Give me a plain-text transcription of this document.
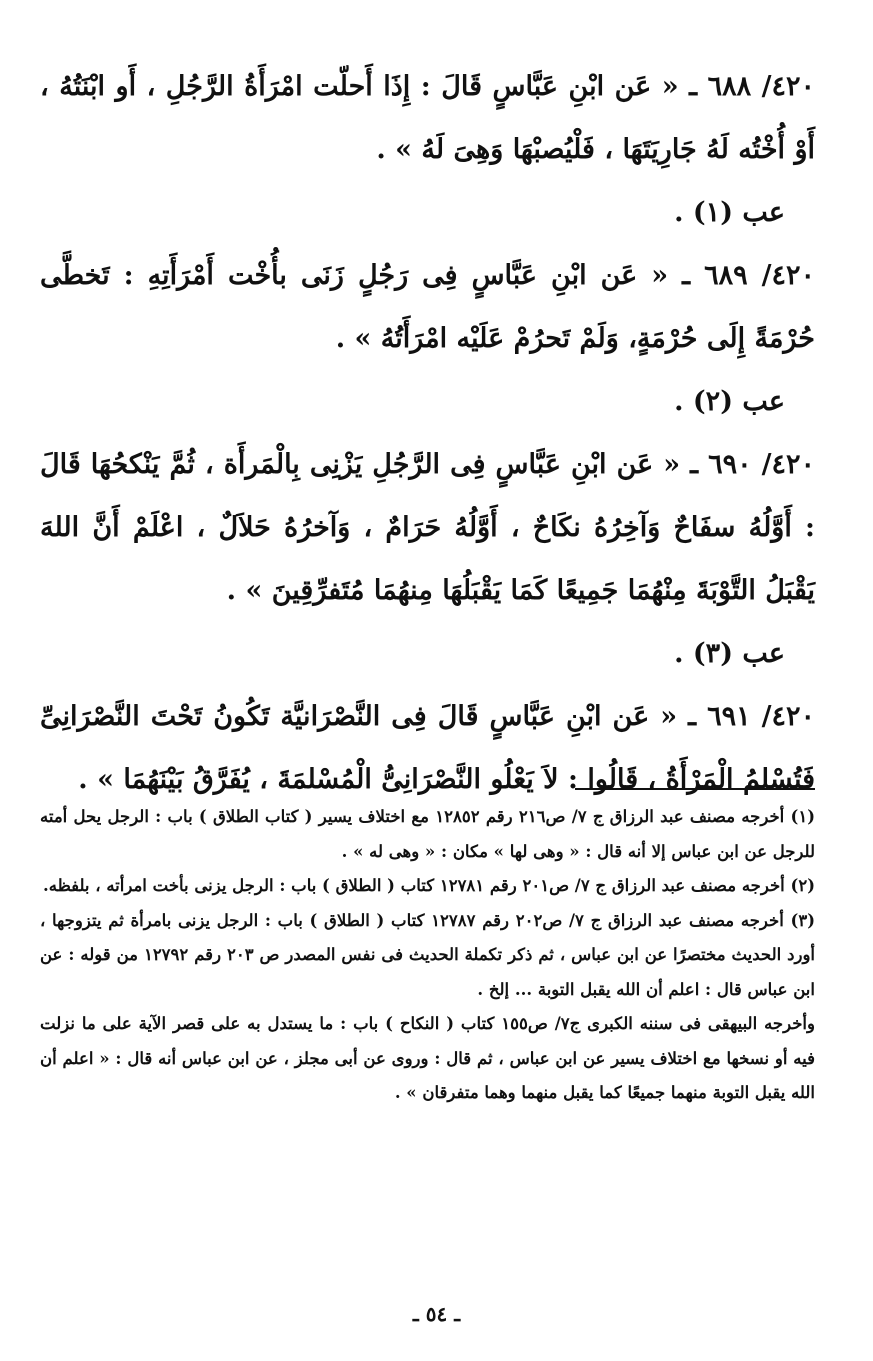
٤٢٠/ ٦٨٨ ـ « عَن ابْنِ عَبَّاسٍ قَالَ : إِذَا أَحلّت امْرَأَةُ الرَّجُلِ ، أَو ابْنَتُهُ ، أَوْ أُخْتُه لَهُ جَارِيَتَهَا ، فَلْيُصبْهَا وَهِىَ لَهُ » .

عب (١) .

٤٢٠/ ٦٨٩ ـ « عَن ابْنِ عَبَّاسٍ فِى رَجُلٍ زَنَى بأُخْت أَمْرَأَتِهِ : تَخطَّى حُرْمَةً إِلَى حُرْمَةٍ، وَلَمْ تَحرُمْ عَلَيْه امْرَأَتُهُ » .

عب (٢) .

٤٢٠/ ٦٩٠ ـ « عَن ابْنِ عَبَّاسٍ فِى الرَّجُلِ يَزْنِى بِالْمَرأَة ، ثُمَّ يَنْكحُهَا قَالَ : أَوَّلُهُ سفَاحٌ وَآخِرُهُ نكَاحٌ ، أَوَّلُهُ حَرَامٌ ، وَآخرُهُ حَلاَلٌ ، اعْلَمْ أَنَّ اللهَ يَقْبَلُ التَّوْبَةَ مِنْهُمَا جَمِيعًا كَمَا يَقْبَلُهَا مِنهُمَا مُتَفرِّقِينَ » .

عب (٣) .

٤٢٠/ ٦٩١ ـ « عَن ابْنِ عَبَّاسٍ قَالَ فِى النَّصْرَانيَّة تَكُونُ تَحْتَ النَّصْرَانِىِّ فَتُسْلمُ الْمَرْأَةُ ، قَالُوا : لاَ يَعْلُو النَّصْرَانِىُّ الْمُسْلمَةَ ، يُفَرَّقُ بَيْنَهُمَا » .

(١) أخرجه مصنف عبد الرزاق ج ٧/ ص٢١٦ رقم ١٢٨٥٢ مع اختلاف يسير ( كتاب الطلاق ) باب : الرجل يحل أمته للرجل عن ابن عباس إلا أنه قال : « وهى لها » مكان : « وهى له » .

(٢) أخرجه مصنف عبد الرزاق ج ٧/ ص٢٠١ رقم ١٢٧٨١ كتاب ( الطلاق ) باب : الرجل يزنى بأخت امرأته ، بلفظه.

(٣) أخرجه مصنف عبد الرزاق ج ٧/ ص٢٠٢ رقم ١٢٧٨٧ كتاب ( الطلاق ) باب : الرجل يزنى بامرأة ثم يتزوجها ، أورد الحديث مختصرًا عن ابن عباس ، ثم ذكر تكملة الحديث فى نفس المصدر ص ٢٠٣ رقم ١٢٧٩٢ من قوله : عن ابن عباس قال : اعلم أن الله يقبل التوبة ... إلخ .

وأخرجه البيهقى فى سننه الكبرى ج٧/ ص١٥٥ كتاب ( النكاح ) باب : ما يستدل به على قصر الآية على ما نزلت فيه أو نسخها مع اختلاف يسير عن ابن عباس ، ثم قال : وروى عن أبى مجلز ، عن ابن عباس أنه قال : « اعلم أن الله يقبل التوبة منهما جميعًا كما يقبل منهما وهما متفرقان » .

ـ ٥٤ ـ
